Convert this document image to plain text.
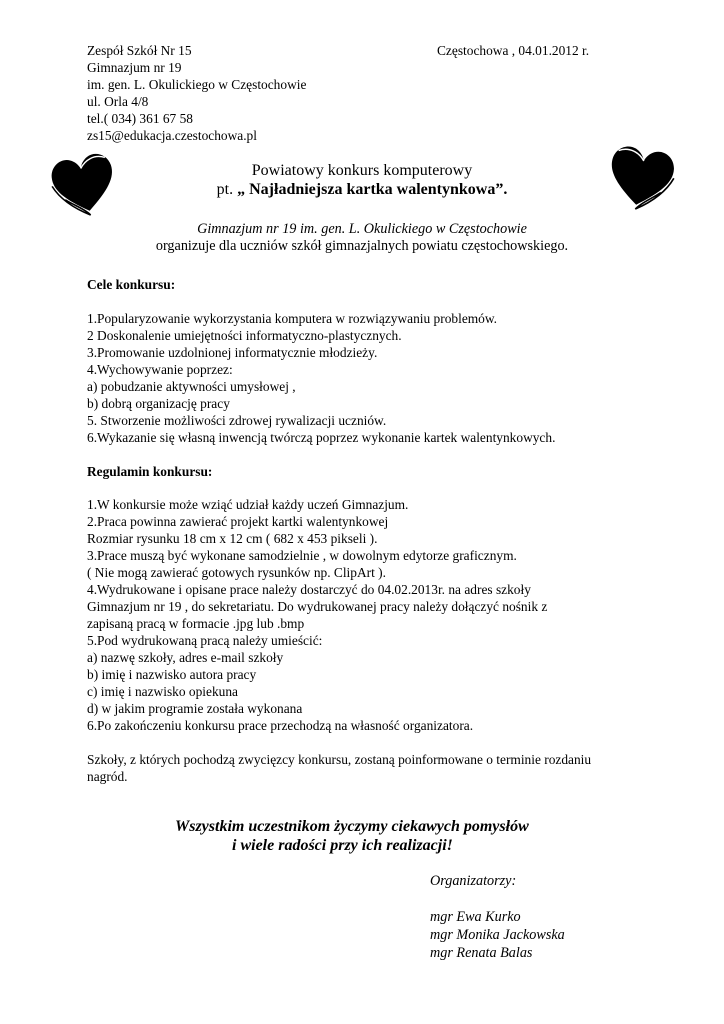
Zespół Szkół Nr 15
Gimnazjum nr 19
im. gen. L. Okulickiego w Częstochowie
ul. Orla 4/8
tel.( 034) 361 67 58
zs15@edukacja.czestochowa.pl
Częstochowa , 04.01.2012 r.
Powiatowy konkurs komputerowy
pt. „ Najładniejsza kartka walentynkowa”.
Gimnazjum nr 19 im. gen. L. Okulickiego w Częstochowie
organizuje dla uczniów szkół gimnazjalnych powiatu częstochowskiego.
Cele konkursu:
1.Popularyzowanie wykorzystania komputera w rozwiązywaniu problemów.
2 Doskonalenie umiejętności informatyczno-plastycznych.
3.Promowanie uzdolnionej informatycznie młodzieży.
4.Wychowywanie poprzez:
a) pobudzanie aktywności umysłowej ,
b) dobrą organizację pracy
5. Stworzenie możliwości zdrowej rywalizacji uczniów.
6.Wykazanie się własną inwencją twórczą poprzez wykonanie kartek walentynkowych.
Regulamin konkursu:
1.W konkursie może wziąć udział każdy uczeń Gimnazjum.
2.Praca powinna zawierać projekt kartki walentynkowej
Rozmiar rysunku 18 cm x 12 cm ( 682 x 453 pikseli ).
3.Prace muszą być wykonane samodzielnie , w dowolnym edytorze graficznym.
( Nie mogą zawierać gotowych rysunków np. ClipArt ).
4.Wydrukowane i opisane prace należy dostarczyć do 04.02.2013r. na adres szkoły
Gimnazjum nr 19 , do sekretariatu. Do wydrukowanej pracy należy dołączyć nośnik z
zapisaną pracą w formacie .jpg lub .bmp
5.Pod wydrukowaną pracą należy umieścić:
a) nazwę szkoły, adres e-mail szkoły
b) imię i nazwisko autora pracy
c) imię i nazwisko opiekuna
d) w jakim programie została wykonana
6.Po zakończeniu konkursu prace przechodzą na własność organizatora.
Szkoły, z których pochodzą zwycięzcy konkursu, zostaną poinformowane o terminie rozdaniu
nagród.
Wszystkim uczestnikom życzymy ciekawych pomysłów
i wiele radości przy ich realizacji!
Organizatorzy:
mgr Ewa Kurko
mgr Monika Jackowska
mgr Renata Balas
